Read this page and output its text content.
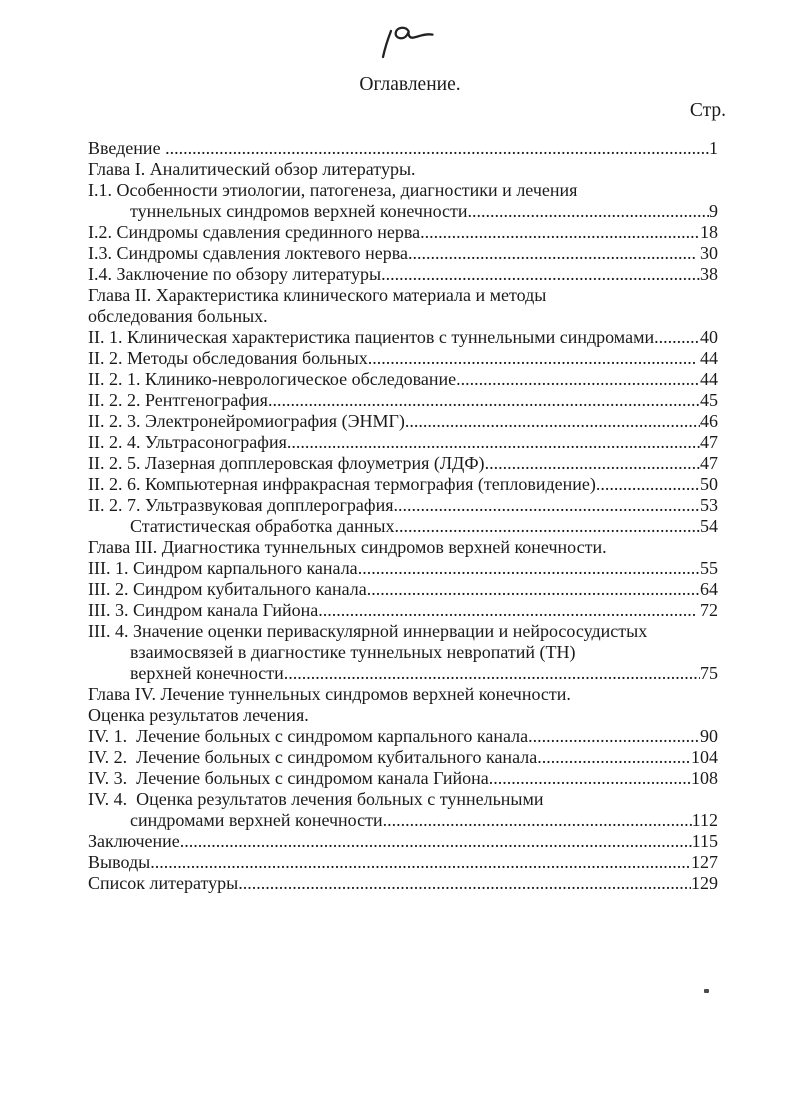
Оглавление.
Стр.
Введение .....	1
Глава I. Аналитический обзор литературы.
I.1. Особенности этиологии, патогенеза, диагностики и лечения
туннельных синдромов верхней конечности .....	9
I.2. Синдромы сдавления срединного нерва .....	18
I.3. Синдромы сдавления локтевого нерва .....	30
I.4. Заключение по обзору литературы .....	38
Глава II. Характеристика клинического материала и методы
обследования больных.
II. 1. Клиническая характеристика пациентов с туннельными синдромами .....	40
II. 2. Методы обследования больных .....	44
II. 2. 1. Клинико-неврологическое обследование .....	44
II. 2. 2. Рентгенография .....	45
II. 2. 3. Электронейромиография (ЭНМГ) .....	46
II. 2. 4. Ультрасонография .....	47
II. 2. 5. Лазерная допплеровская флоуметрия (ЛДФ) .....	47
II. 2. 6. Компьютерная инфракрасная термография (тепловидение) .....	50
II. 2. 7. Ультразвуковая допплерография .....	53
Статистическая обработка данных .....	54
Глава III. Диагностика туннельных синдромов верхней конечности.
III. 1. Синдром карпального канала .....	55
III. 2. Синдром кубитального канала .....	64
III. 3. Синдром канала Гийона .....	72
III. 4. Значение оценки периваскулярной иннервации и нейрососудистых
взаимосвязей в диагностике туннельных невропатий (ТН)
верхней конечности .....	75
Глава IV. Лечение туннельных синдромов верхней конечности.
Оценка результатов лечения.
IV. 1.  Лечение больных с синдромом карпального канала .....	90
IV. 2.  Лечение больных с синдромом кубитального канала .....	104
IV. 3.  Лечение больных с синдромом канала Гийона .....	108
IV. 4.  Оценка результатов лечения больных с туннельными
синдромами верхней конечности .....	112
Заключение .....	115
Выводы .....	127
Список литературы .....	129
